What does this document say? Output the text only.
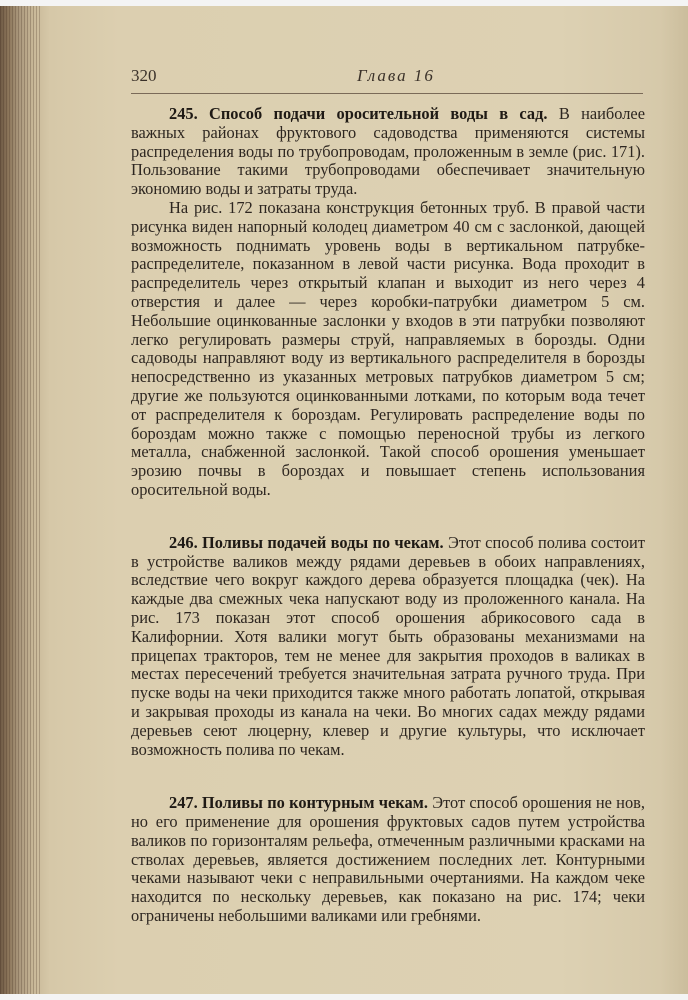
320	Глава 16

245. Способ подачи оросительной воды в сад. В наиболее важных районах фруктового садоводства применяются системы распределения воды по трубопроводам, проложенным в земле (рис. 171). Пользование такими трубопроводами обеспечивает значительную экономию воды и затраты труда.

На рис. 172 показана конструкция бетонных труб. В правой части рисунка виден напорный колодец диаметром 40 см с заслонкой, дающей возможность поднимать уровень воды в вертикальном патрубке-распределителе, показанном в левой части рисунка. Вода проходит в распределитель через открытый клапан и выходит из него через 4 отверстия и далее — через коробки-патрубки диаметром 5 см. Небольшие оцинкованные заслонки у входов в эти патрубки позволяют легко регулировать размеры струй, направляемых в борозды. Одни садоводы направляют воду из вертикального распределителя в борозды непосредственно из указанных метровых патрубков диаметром 5 см; другие же пользуются оцинкованными лотками, по которым вода течет от распределителя к бороздам. Регулировать распределение воды по бороздам можно также с помощью переносной трубы из легкого металла, снабженной заслонкой. Такой способ орошения уменьшает эрозию почвы в бороздах и повышает степень использования оросительной воды.

246. Поливы подачей воды по чекам. Этот способ полива состоит в устройстве валиков между рядами деревьев в обоих направлениях, вследствие чего вокруг каждого дерева образуется площадка (чек). На каждые два смежных чека напускают воду из проложенного канала. На рис. 173 показан этот способ орошения абрикосового сада в Калифорнии. Хотя валики могут быть образованы механизмами на прицепах тракторов, тем не менее для закрытия проходов в валиках в местах пересечений требуется значительная затрата ручного труда. При пуске воды на чеки приходится также много работать лопатой, открывая и закрывая проходы из канала на чеки. Во многих садах между рядами деревьев сеют люцерну, клевер и другие культуры, что исключает возможность полива по чекам.

247. Поливы по контурным чекам. Этот способ орошения не нов, но его применение для орошения фруктовых садов путем устройства валиков по горизонталям рельефа, отмеченным различными красками на стволах деревьев, является достижением последних лет. Контурными чеками называют чеки с неправильными очертаниями. На каждом чеке находится по нескольку деревьев, как показано на рис. 174; чеки ограничены небольшими валиками или гребнями.
